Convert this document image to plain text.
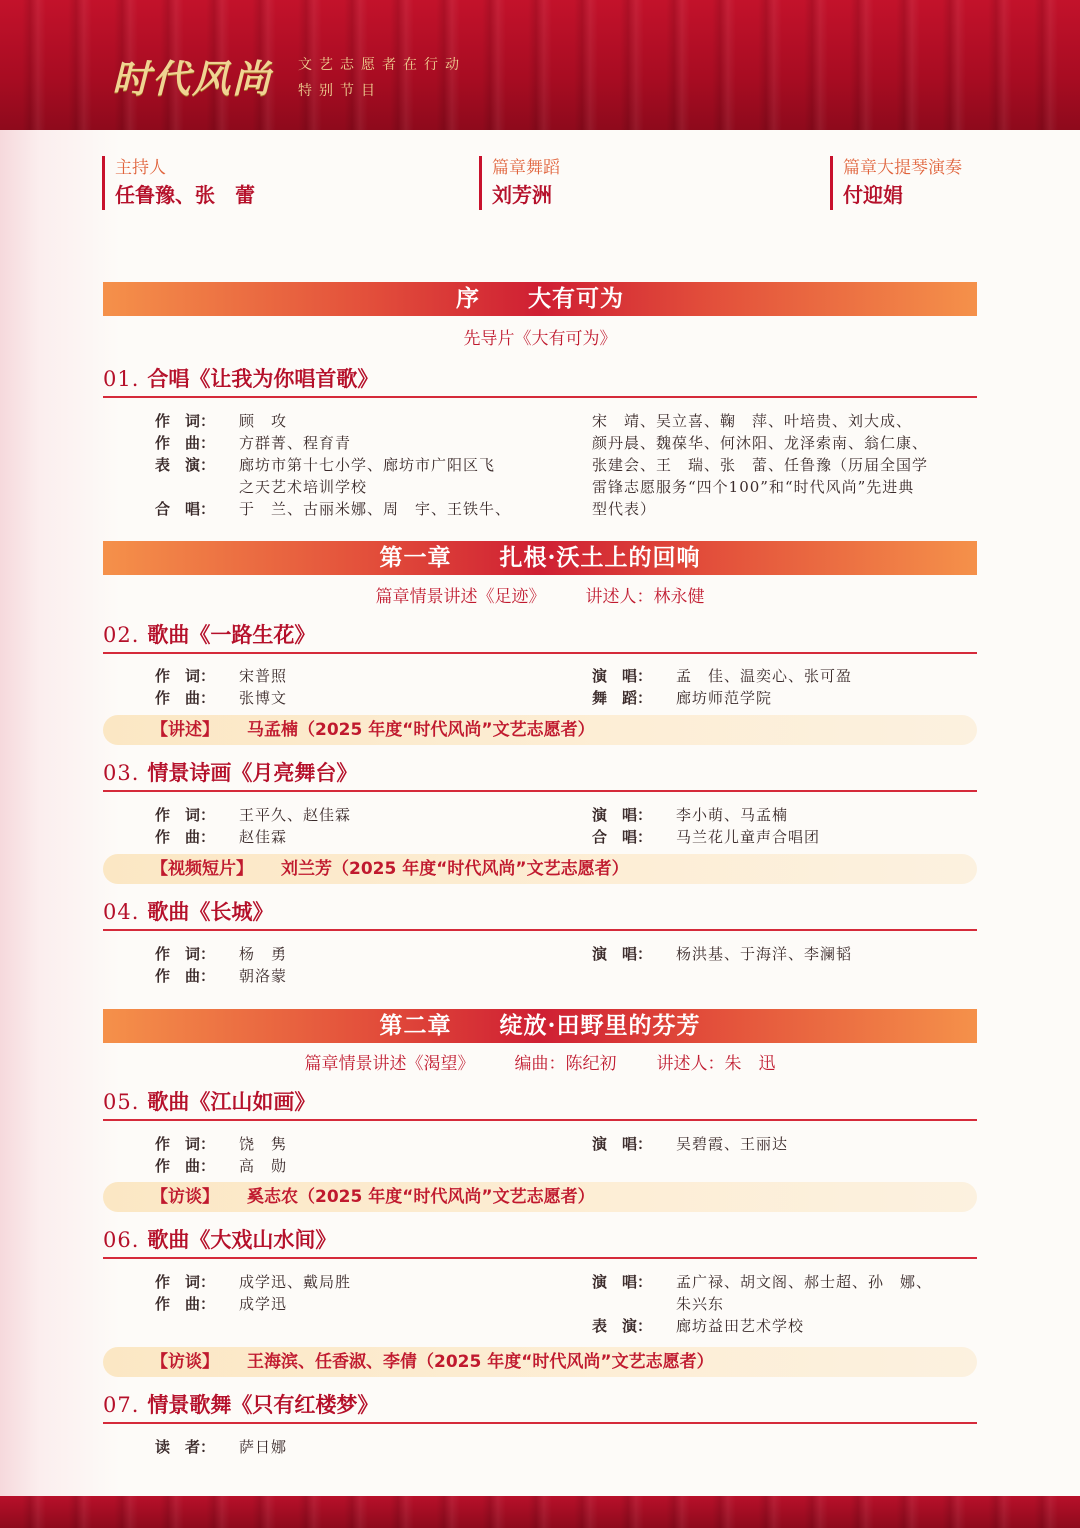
时代风尚 文艺志愿者在行动
特别节目
主持人
任鲁豫、张　蕾
篇章舞蹈
刘芳洲
篇章大提琴演奏
付迎娟
序　　大有可为
先导片《大有可为》
01. 合唱《让我为你唱首歌》
作　词：	顾　攻
作　曲：	方群菁、程育青
表　演：	廊坊市第十七小学、廊坊市广阳区飞
之天艺术培训学校
合　唱：	于　兰、古丽米娜、周　宇、王铁牛、
宋　靖、吴立喜、鞠　萍、叶培贵、刘大成、
颜丹晨、魏葆华、何沐阳、龙泽索南、翁仁康、
张建会、王　瑞、张　蕾、任鲁豫（历届全国学
雷锋志愿服务“四个100”和“时代风尚”先进典
型代表）
第一章　　扎根·沃土上的回响
篇章情景讲述《足迹》 讲述人：林永健
02. 歌曲《一路生花》
作　词：	宋普照
作　曲：	张博文
演　唱：	孟　佳、温奕心、张可盈
舞　蹈：	廊坊师范学院
【讲述】 马孟楠（2025 年度“时代风尚”文艺志愿者）
03. 情景诗画《月亮舞台》
作　词：	王平久、赵佳霖
作　曲：	赵佳霖
演　唱：	李小萌、马孟楠
合　唱：	马兰花儿童声合唱团
【视频短片】 刘兰芳（2025 年度“时代风尚”文艺志愿者）
04. 歌曲《长城》
作　词：	杨　勇
作　曲：	朝洛蒙
演　唱：	杨洪基、于海洋、李澜韬
第二章　　绽放·田野里的芬芳
篇章情景讲述《渴望》 编曲：陈纪初 讲述人：朱　迅
05. 歌曲《江山如画》
作　词：	饶　隽
作　曲：	高　勋
演　唱：	吴碧霞、王丽达
【访谈】 奚志农（2025 年度“时代风尚”文艺志愿者）
06. 歌曲《大戏山水间》
作　词：	成学迅、戴局胜
作　曲：	成学迅
演　唱：	孟广禄、胡文阁、郝士超、孙　娜、
朱兴东
表　演：	廊坊益田艺术学校
【访谈】 王海滨、任香淑、李倩（2025 年度“时代风尚”文艺志愿者）
07. 情景歌舞《只有红楼梦》
读　者：	萨日娜
